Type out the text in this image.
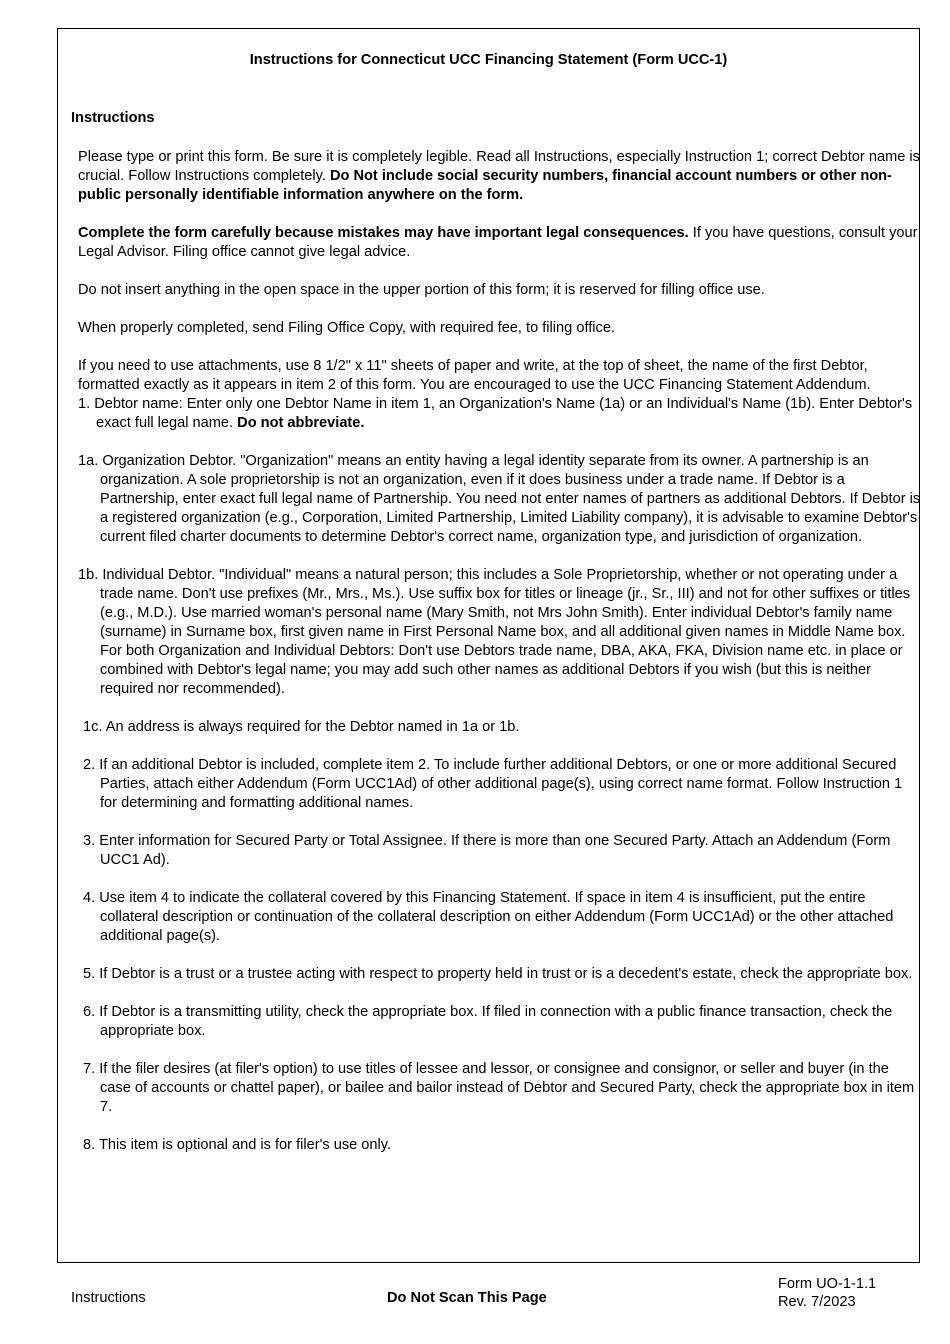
Instructions for Connecticut UCC Financing Statement (Form UCC-1)
Instructions

Please type or print this form. Be sure it is completely legible. Read all Instructions, especially Instruction 1; correct Debtor name is crucial. Follow Instructions completely. Do Not include social security numbers, financial account numbers or other non-public personally identifiable information anywhere on the form.

Complete the form carefully because mistakes may have important legal consequences. If you have questions, consult your Legal Advisor. Filing office cannot give legal advice.

Do not insert anything in the open space in the upper portion of this form; it is reserved for filling office use.

When properly completed, send Filing Office Copy, with required fee, to filing office.

If you need to use attachments, use 8 1/2" x 11" sheets of paper and write, at the top of sheet, the name of the first Debtor, formatted exactly as it appears in item 2 of this form. You are encouraged to use the UCC Financing Statement Addendum.

1. Debtor name: Enter only one Debtor Name in item 1, an Organization's Name (1a) or an Individual's Name (1b). Enter Debtor's exact full legal name. Do not abbreviate.
1a. Organization Debtor. "Organization" means an entity having a legal identity separate from its owner. A partnership is an organization. A sole proprietorship is not an organization, even if it does business under a trade name. If Debtor is a Partnership, enter exact full legal name of Partnership. You need not enter names of partners as additional Debtors. If Debtor is a registered organization (e.g., Corporation, Limited Partnership, Limited Liability company), it is advisable to examine Debtor's current filed charter documents to determine Debtor's correct name, organization type, and jurisdiction of organization.
1b. Individual Debtor. "Individual" means a natural person; this includes a Sole Proprietorship, whether or not operating under a trade name. Don't use prefixes (Mr., Mrs., Ms.). Use suffix box for titles or lineage (jr., Sr., III) and not for other suffixes or titles (e.g., M.D.). Use married woman's personal name (Mary Smith, not Mrs John Smith). Enter individual Debtor's family name (surname) in Surname box, first given name in First Personal Name box, and all additional given names in Middle Name box. For both Organization and Individual Debtors: Don't use Debtors trade name, DBA, AKA, FKA, Division name etc. in place or combined with Debtor's legal name; you may add such other names as additional Debtors if you wish (but this is neither required nor recommended).
1c. An address is always required for the Debtor named in 1a or 1b.
2. If an additional Debtor is included, complete item 2. To include further additional Debtors, or one or more additional Secured Parties, attach either Addendum (Form UCC1Ad) of other additional page(s), using correct name format. Follow Instruction 1 for determining and formatting additional names.
3. Enter information for Secured Party or Total Assignee. If there is more than one Secured Party. Attach an Addendum (Form UCC1 Ad).
4. Use item 4 to indicate the collateral covered by this Financing Statement. If space in item 4 is insufficient, put the entire collateral description or continuation of the collateral description on either Addendum (Form UCC1Ad) or the other attached additional page(s).
5. If Debtor is a trust or a trustee acting with respect to property held in trust or is a decedent's estate, check the appropriate box.
6. If Debtor is a transmitting utility, check the appropriate box. If filed in connection with a public finance transaction, check the appropriate box.
7. If the filer desires (at filer's option) to use titles of lessee and lessor, or consignee and consignor, or seller and buyer (in the case of accounts or chattel paper), or bailee and bailor instead of Debtor and Secured Party, check the appropriate box in item 7.
8. This item is optional and is for filer's use only.
Instructions	Do Not Scan This Page
Form UO-1-1.1
Rev. 7/2023
